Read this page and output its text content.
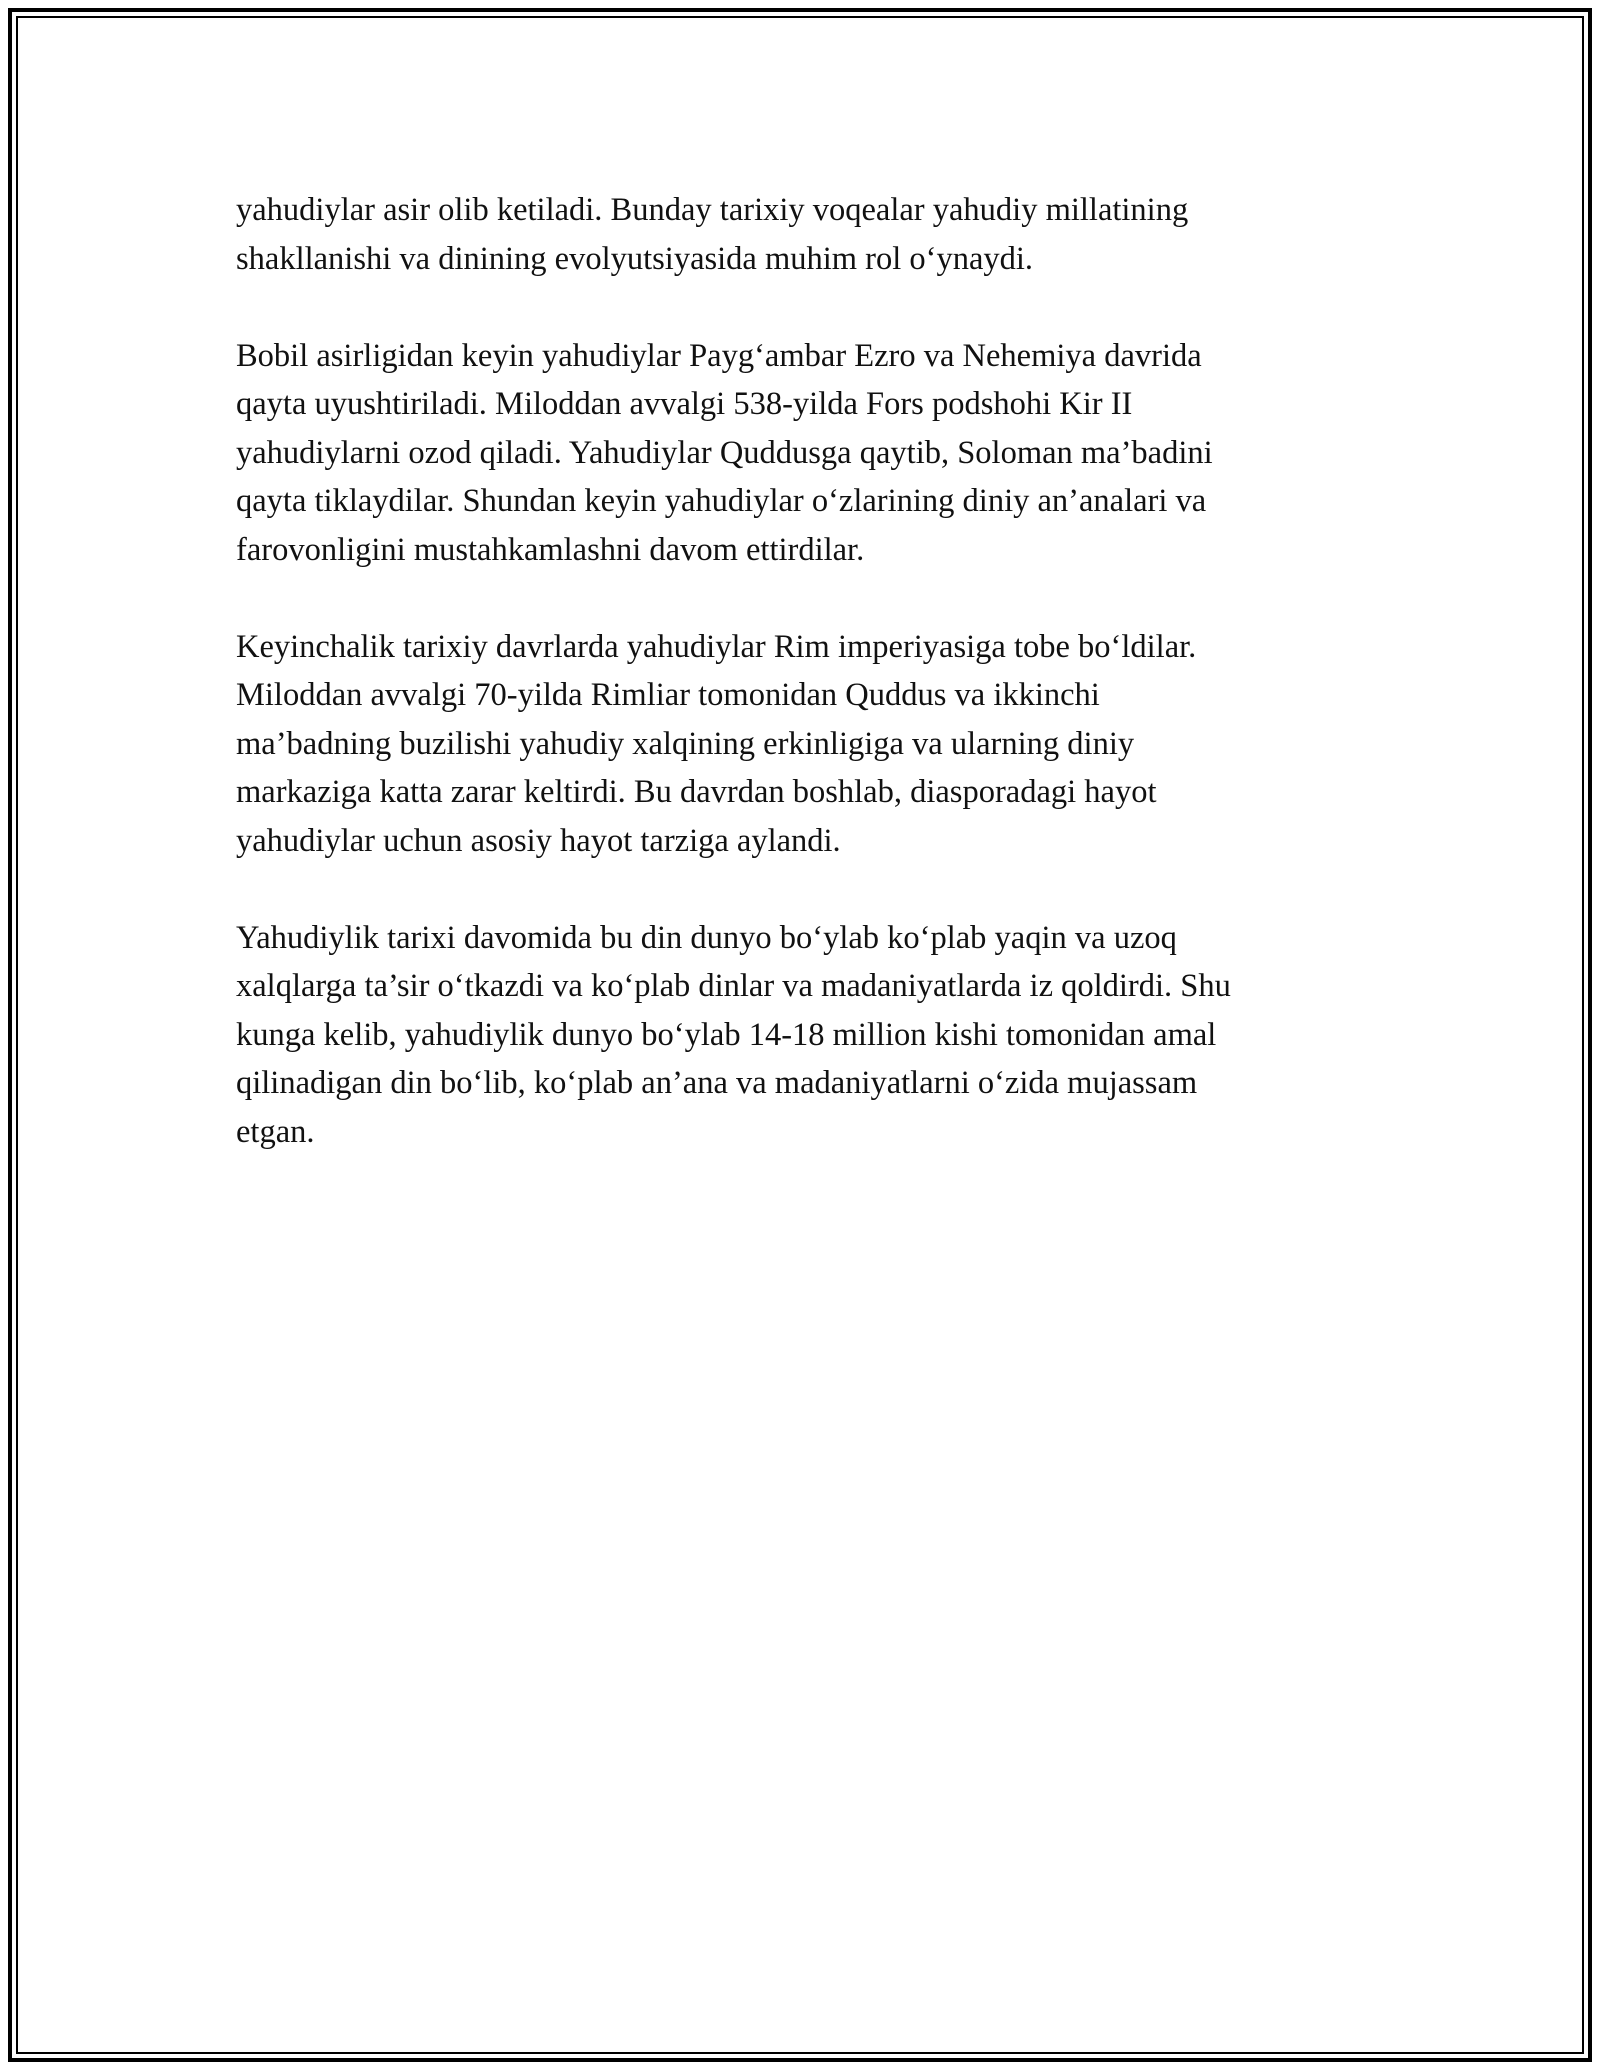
yahudiylar asir olib ketiladi. Bunday tarixiy voqealar yahudiy millatining
shakllanishi va dinining evolyutsiyasida muhim rol o‘ynaydi.

Bobil asirligidan keyin yahudiylar Payg‘ambar Ezro va Nehemiya davrida
qayta uyushtiriladi. Miloddan avvalgi 538-yilda Fors podshohi Kir II
yahudiylarni ozod qiladi. Yahudiylar Quddusga qaytib, Soloman ma’badini
qayta tiklaydilar. Shundan keyin yahudiylar o‘zlarining diniy an’analari va
farovonligini mustahkamlashni davom ettirdilar.

Keyinchalik tarixiy davrlarda yahudiylar Rim imperiyasiga tobe bo‘ldilar.
Miloddan avvalgi 70-yilda Rimliar tomonidan Quddus va ikkinchi
ma’badning buzilishi yahudiy xalqining erkinligiga va ularning diniy
markaziga katta zarar keltirdi. Bu davrdan boshlab, diasporadagi hayot
yahudiylar uchun asosiy hayot tarziga aylandi.

Yahudiylik tarixi davomida bu din dunyo bo‘ylab ko‘plab yaqin va uzoq
xalqlarga ta’sir o‘tkazdi va ko‘plab dinlar va madaniyatlarda iz qoldirdi. Shu
kunga kelib, yahudiylik dunyo bo‘ylab 14-18 million kishi tomonidan amal
qilinadigan din bo‘lib, ko‘plab an’ana va madaniyatlarni o‘zida mujassam
etgan.
